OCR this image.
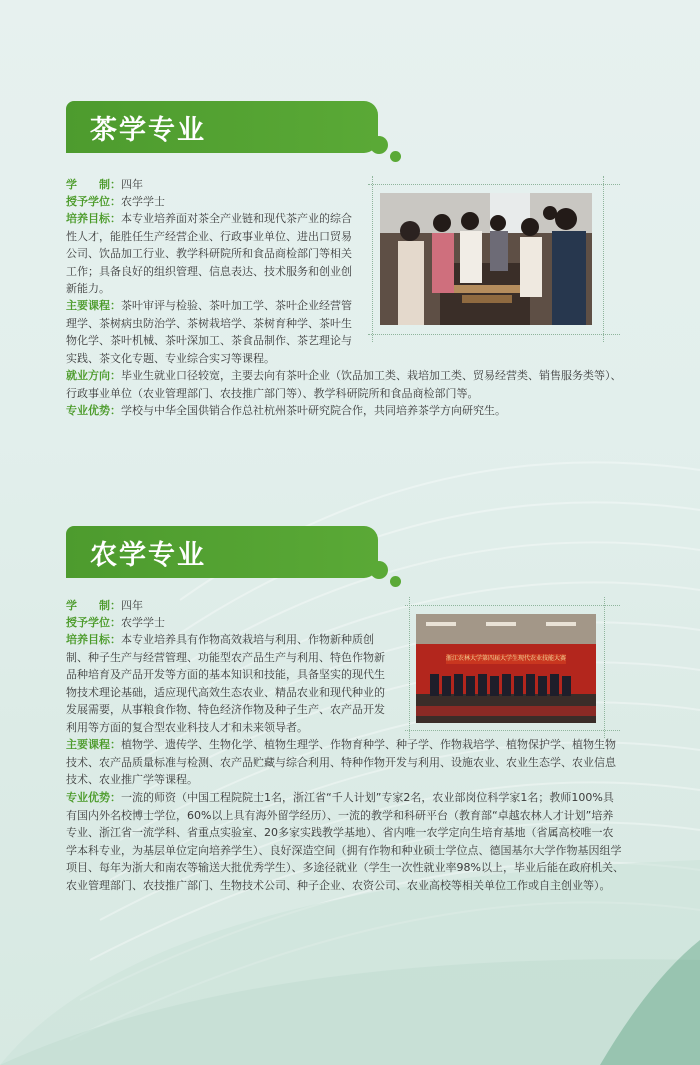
茶学专业
学　　制：四年
授予学位：农学学士
培养目标：本专业培养面对茶全产业链和现代茶产业的综合性人才，能胜任生产经营企业、行政事业单位、进出口贸易公司、饮品加工行业、教学科研院所和食品商检部门等相关工作；具备良好的组织管理、信息表达、技术服务和创业创新能力。
主要课程：茶叶审评与检验、茶叶加工学、茶叶企业经营管理学、茶树病虫防治学、茶树栽培学、茶树育种学、茶叶生物化学、茶叶机械、茶叶深加工、茶食品制作、茶艺理论与实践、茶文化专题、专业综合实习等课程。
就业方向：毕业生就业口径较宽，主要去向有茶叶企业（饮品加工类、栽培加工类、贸易经营类、销售服务类等）、行政事业单位（农业管理部门、农技推广部门等）、教学科研院所和食品商检部门等。
专业优势：学校与中华全国供销合作总社杭州茶叶研究院合作，共同培养茶学方向研究生。
农学专业
浙江农林大学第四届大学生现代农业技能大赛
学　　制：四年
授予学位：农学学士
培养目标：本专业培养具有作物高效栽培与利用、作物新种质创制、种子生产与经营管理、功能型农产品生产与利用、特色作物新品种培育及产品开发等方面的基本知识和技能，具备坚实的现代生物技术理论基础，适应现代高效生态农业、精品农业和现代种业的发展需要，从事粮食作物、特色经济作物及种子生产、农产品开发利用等方面的复合型农业科技人才和未来领导者。
主要课程：植物学、遗传学、生物化学、植物生理学、作物育种学、种子学、作物栽培学、植物保护学、植物生物技术、农产品质量标准与检测、农产品贮藏与综合利用、特种作物开发与利用、设施农业、农业生态学、农业信息技术、农业推广学等课程。
专业优势：一流的师资（中国工程院院士1名，浙江省“千人计划”专家2名，农业部岗位科学家1名；教师100%具有国内外名校博士学位，60%以上具有海外留学经历）、一流的教学和科研平台（教育部“卓越农林人才计划”培养专业、浙江省一流学科、省重点实验室、20多家实践教学基地）、省内唯一农学定向生培育基地（省属高校唯一农学本科专业，为基层单位定向培养学生）、良好深造空间（拥有作物和种业硕士学位点、德国基尔大学作物基因组学项目、每年为浙大和南农等输送大批优秀学生）、多途径就业（学生一次性就业率98%以上，毕业后能在政府机关、农业管理部门、农技推广部门、生物技术公司、种子企业、农资公司、农业高校等相关单位工作或自主创业等）。
